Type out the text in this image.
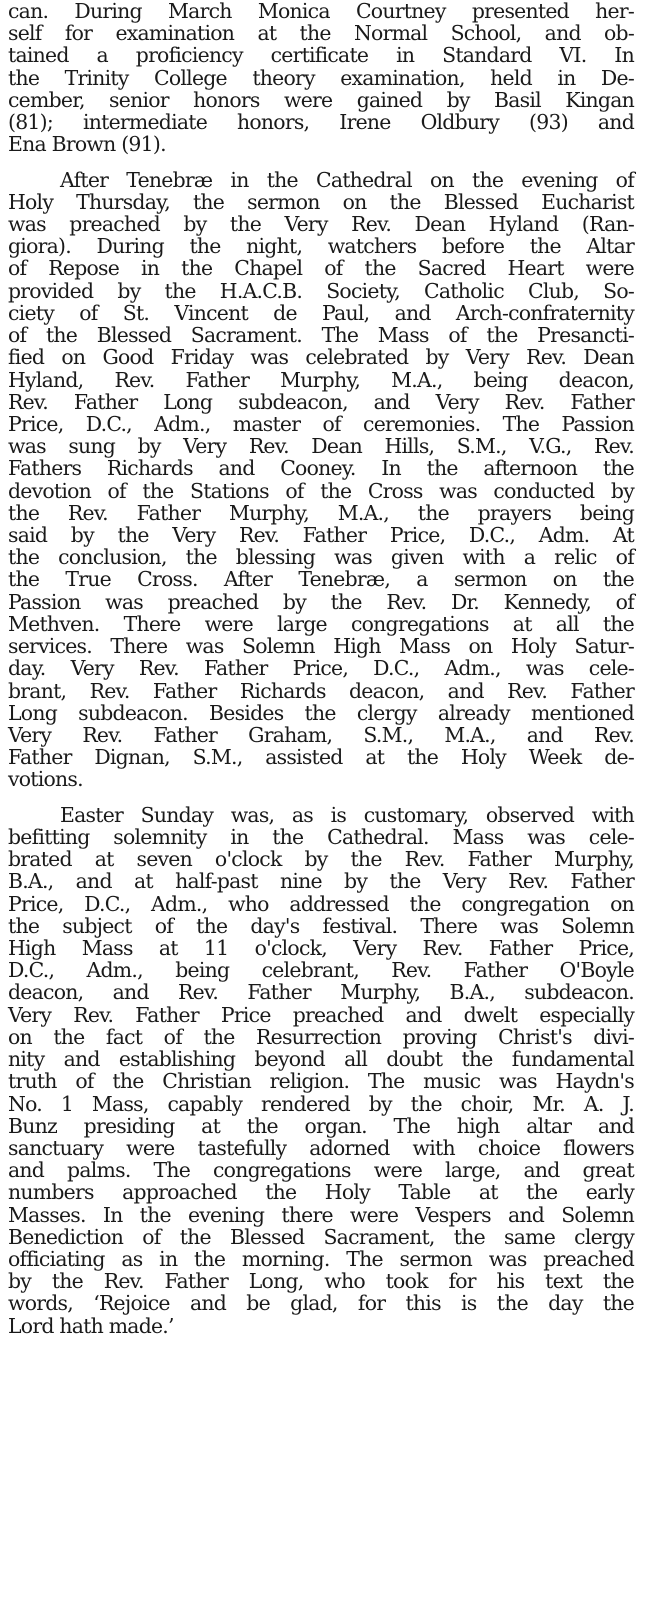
can. During March Monica Courtney presented her-
self for examination at the Normal School, and ob-
tained a proficiency certificate in Standard VI. In
the Trinity College theory examination, held in De-
cember, senior honors were gained by Basil Kingan
(81); intermediate honors, Irene Oldbury (93) and
Ena Brown (91).
After Tenebræ in the Cathedral on the evening of
Holy Thursday, the sermon on the Blessed Eucharist
was preached by the Very Rev. Dean Hyland (Ran-
giora). During the night, watchers before the Altar
of Repose in the Chapel of the Sacred Heart were
provided by the H.A.C.B. Society, Catholic Club, So-
ciety of St. Vincent de Paul, and Arch-confraternity
of the Blessed Sacrament. The Mass of the Presancti-
fied on Good Friday was celebrated by Very Rev. Dean
Hyland, Rev. Father Murphy, M.A., being deacon,
Rev. Father Long subdeacon, and Very Rev. Father
Price, D.C., Adm., master of ceremonies. The Passion
was sung by Very Rev. Dean Hills, S.M., V.G., Rev.
Fathers Richards and Cooney. In the afternoon the
devotion of the Stations of the Cross was conducted by
the Rev. Father Murphy, M.A., the prayers being
said by the Very Rev. Father Price, D.C., Adm. At
the conclusion, the blessing was given with a relic of
the True Cross. After Tenebræ, a sermon on the
Passion was preached by the Rev. Dr. Kennedy, of
Methven. There were large congregations at all the
services. There was Solemn High Mass on Holy Satur-
day. Very Rev. Father Price, D.C., Adm., was cele-
brant, Rev. Father Richards deacon, and Rev. Father
Long subdeacon. Besides the clergy already mentioned
Very Rev. Father Graham, S.M., M.A., and Rev.
Father Dignan, S.M., assisted at the Holy Week de-
votions.
Easter Sunday was, as is customary, observed with
befitting solemnity in the Cathedral. Mass was cele-
brated at seven o'clock by the Rev. Father Murphy,
B.A., and at half-past nine by the Very Rev. Father
Price, D.C., Adm., who addressed the congregation on
the subject of the day's festival. There was Solemn
High Mass at 11 o'clock, Very Rev. Father Price,
D.C., Adm., being celebrant, Rev. Father O'Boyle
deacon, and Rev. Father Murphy, B.A., subdeacon.
Very Rev. Father Price preached and dwelt especially
on the fact of the Resurrection proving Christ's divi-
nity and establishing beyond all doubt the fundamental
truth of the Christian religion. The music was Haydn's
No. 1 Mass, capably rendered by the choir, Mr. A. J.
Bunz presiding at the organ. The high altar and
sanctuary were tastefully adorned with choice flowers
and palms. The congregations were large, and great
numbers approached the Holy Table at the early
Masses. In the evening there were Vespers and Solemn
Benediction of the Blessed Sacrament, the same clergy
officiating as in the morning. The sermon was preached
by the Rev. Father Long, who took for his text the
words, ‘Rejoice and be glad, for this is the day the
Lord hath made.’
